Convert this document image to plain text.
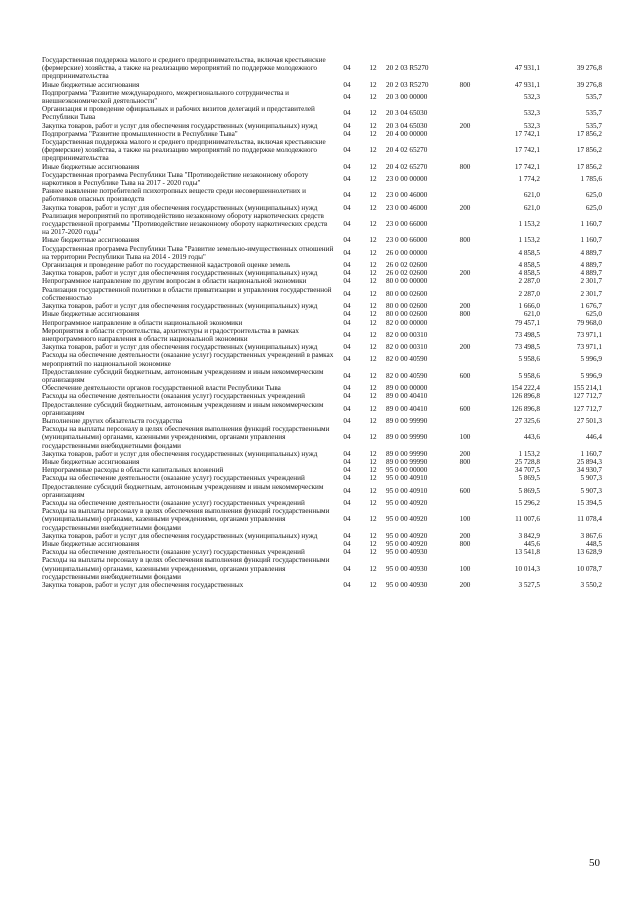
Государственная поддержка малого и среднего предпринимательства, включая крестьянские (фермерские) хозяйства, а также на реализацию мероприятий по поддержке молодежного предпринимательства	04	12	20 2 03 R5270		47 931,1	39 276,8
Иные бюджетные ассигнования	04	12	20 2 03 R5270	800	47 931,1	39 276,8
Подпрограмма "Развитие международного, межрегионального сотрудничества и внешнеэкономической деятельности"	04	12	20 3 00 00000		532,3	535,7
Организация и проведение официальных и рабочих визитов делегаций и представителей Республики Тыва	04	12	20 3 04 65030		532,3	535,7
Закупка товаров, работ и услуг для обеспечения государственных (муниципальных) нужд	04	12	20 3 04 65030	200	532,3	535,7
Подпрограмма "Развитие промышленности в Республике Тыва"	04	12	20 4 00 00000		17 742,1	17 856,2
Государственная поддержка малого и среднего предпринимательства, включая крестьянские (фермерские) хозяйства, а также на реализацию мероприятий по поддержке молодежного предпринимательства	04	12	20 4 02 65270		17 742,1	17 856,2
Иные бюджетные ассигнования	04	12	20 4 02 65270	800	17 742,1	17 856,2
Государственная программа Республики Тыва "Противодействие незаконному обороту наркотиков в Республике Тыва на 2017 - 2020 годы"	04	12	23 0 00 00000		1 774,2	1 785,6
Раннее выявление потребителей психотропных веществ среди несовершеннолетних и работников опасных производств	04	12	23 0 00 46000		621,0	625,0
Закупка товаров, работ и услуг для обеспечения государственных (муниципальных) нужд	04	12	23 0 00 46000	200	621,0	625,0
Реализация мероприятий по противодействию незаконному обороту наркотических средств государственной программы "Противодействие незаконному обороту наркотических средств на 2017-2020 годы"	04	12	23 0 00 66000		1 153,2	1 160,7
Иные бюджетные ассигнования	04	12	23 0 00 66000	800	1 153,2	1 160,7
Государственная программа Республики Тыва "Развитие земельно-имущественных отношений на территории Республики Тыва на 2014 - 2019 годы"	04	12	26 0 00 00000		4 858,5	4 889,7
Организация и проведение работ по государственной кадастровой оценке земель	04	12	26 0 02 02600		4 858,5	4 889,7
Закупка товаров, работ и услуг для обеспечения государственных (муниципальных) нужд	04	12	26 0 02 02600	200	4 858,5	4 889,7
Непрограммное направление по другим вопросам в области национальной экономики	04	12	80 0 00 00000		2 287,0	2 301,7
Реализация государственной политики в области приватизации и управления государственной собственностью	04	12	80 0 00 02600		2 287,0	2 301,7
Закупка товаров, работ и услуг для обеспечения государственных (муниципальных) нужд	04	12	80 0 00 02600	200	1 666,0	1 676,7
Иные бюджетные ассигнования	04	12	80 0 00 02600	800	621,0	625,0
Непрограммное направление в области национальной экономики	04	12	82 0 00 00000		79 457,1	79 968,0
Мероприятия в области строительства, архитектуры и градостроительства в рамках внепрограммного направления в области национальной экономики	04	12	82 0 00 00310		73 498,5	73 971,1
Закупка товаров, работ и услуг для обеспечения государственных (муниципальных) нужд	04	12	82 0 00 00310	200	73 498,5	73 971,1
Расходы на обеспечение деятельности (оказание услуг) государственных учреждений в рамках мероприятий по национальной экономике	04	12	82 0 00 40590		5 958,6	5 996,9
Предоставление субсидий бюджетным, автономным учреждениям и иным некоммерческим организациям	04	12	82 0 00 40590	600	5 958,6	5 996,9
Обеспечение деятельности органов государственной власти Республики Тыва	04	12	89 0 00 00000		154 222,4	155 214,1
Расходы на обеспечение деятельности (оказания услуг) государственных учреждений	04	12	89 0 00 40410		126 896,8	127 712,7
Предоставление субсидий бюджетным, автономным учреждениям и иным некоммерческим организациям	04	12	89 0 00 40410	600	126 896,8	127 712,7
Выполнение других обязательств государства	04	12	89 0 00 99990		27 325,6	27 501,3
Расходы на выплаты персоналу в целях обеспечения выполнения функций государственными (муниципальными) органами, казенными учреждениями, органами управления государственными внебюджетными фондами	04	12	89 0 00 99990	100	443,6	446,4
Закупка товаров, работ и услуг для обеспечения государственных (муниципальных) нужд	04	12	89 0 00 99990	200	1 153,2	1 160,7
Иные бюджетные ассигнования	04	12	89 0 00 99990	800	25 728,8	25 894,3
Непрограммные расходы в области капитальных вложений	04	12	95 0 00 00000		34 707,5	34 930,7
Расходы на обеспечение деятельности (оказание услуг) государственных учреждений	04	12	95 0 00 40910		5 869,5	5 907,3
Предоставление субсидий бюджетным, автономным учреждениям и иным некоммерческим организациям	04	12	95 0 00 40910	600	5 869,5	5 907,3
Расходы на обеспечение деятельности (оказание услуг) государственных учреждений	04	12	95 0 00 40920		15 296,2	15 394,5
Расходы на выплаты персоналу в целях обеспечения выполнения функций государственными (муниципальными) органами, казенными учреждениями, органами управления государственными внебюджетными фондами	04	12	95 0 00 40920	100	11 007,6	11 078,4
Закупка товаров, работ и услуг для обеспечения государственных (муниципальных) нужд	04	12	95 0 00 40920	200	3 842,9	3 867,6
Иные бюджетные ассигнования	04	12	95 0 00 40920	800	445,6	448,5
Расходы на обеспечение деятельности (оказание услуг) государственных учреждений	04	12	95 0 00 40930		13 541,8	13 628,9
Расходы на выплаты персоналу в целях обеспечения выполнения функций государственными (муниципальными) органами, казенными учреждениями, органами управления государственными внебюджетными фондами	04	12	95 0 00 40930	100	10 014,3	10 078,7
Закупка товаров, работ и услуг для обеспечения государственных	04	12	95 0 00 40930	200	3 527,5	3 550,2
50
